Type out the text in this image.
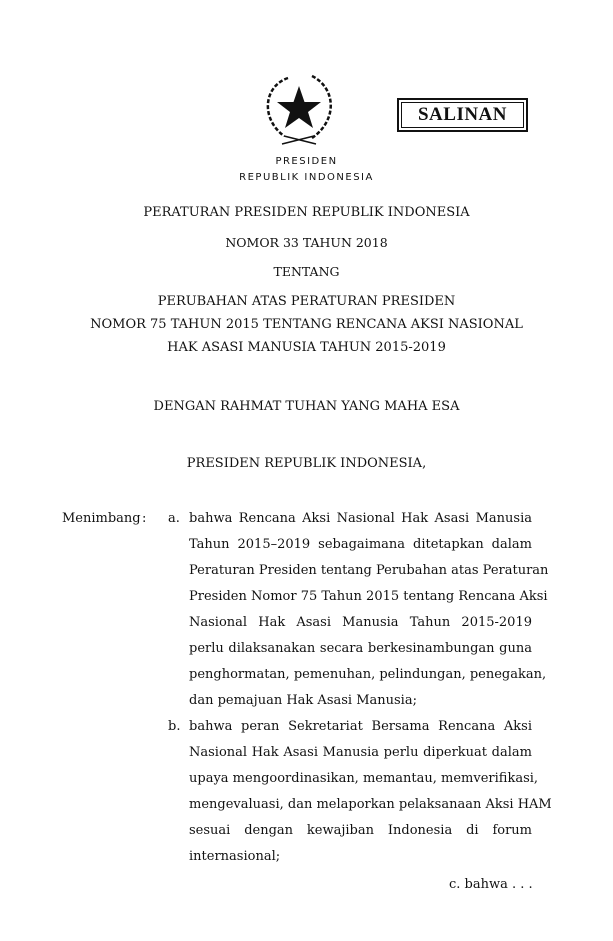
SALINAN
PRESIDEN
REPUBLIK INDONESIA
PERATURAN PRESIDEN REPUBLIK INDONESIA
NOMOR 33 TAHUN 2018
TENTANG
PERUBAHAN ATAS PERATURAN PRESIDEN
NOMOR 75 TAHUN 2015 TENTANG RENCANA AKSI NASIONAL
HAK ASASI MANUSIA TAHUN 2015-2019
DENGAN RAHMAT TUHAN YANG MAHA ESA
PRESIDEN REPUBLIK INDONESIA,
Menimbang : a. bahwa Rencana Aksi Nasional Hak Asasi Manusia
Tahun 2015–2019 sebagaimana ditetapkan dalam
Peraturan Presiden tentang Perubahan atas Peraturan
Presiden Nomor 75 Tahun 2015 tentang Rencana Aksi
Nasional Hak Asasi Manusia Tahun 2015-2019
perlu dilaksanakan secara berkesinambungan guna
penghormatan, pemenuhan, pelindungan, penegakan,
dan pemajuan Hak Asasi Manusia;
b. bahwa peran Sekretariat Bersama Rencana Aksi
Nasional Hak Asasi Manusia perlu diperkuat dalam
upaya mengoordinasikan, memantau, memverifikasi,
mengevaluasi, dan melaporkan pelaksanaan Aksi HAM
sesuai dengan kewajiban Indonesia di forum
internasional;
c. bahwa . . .
